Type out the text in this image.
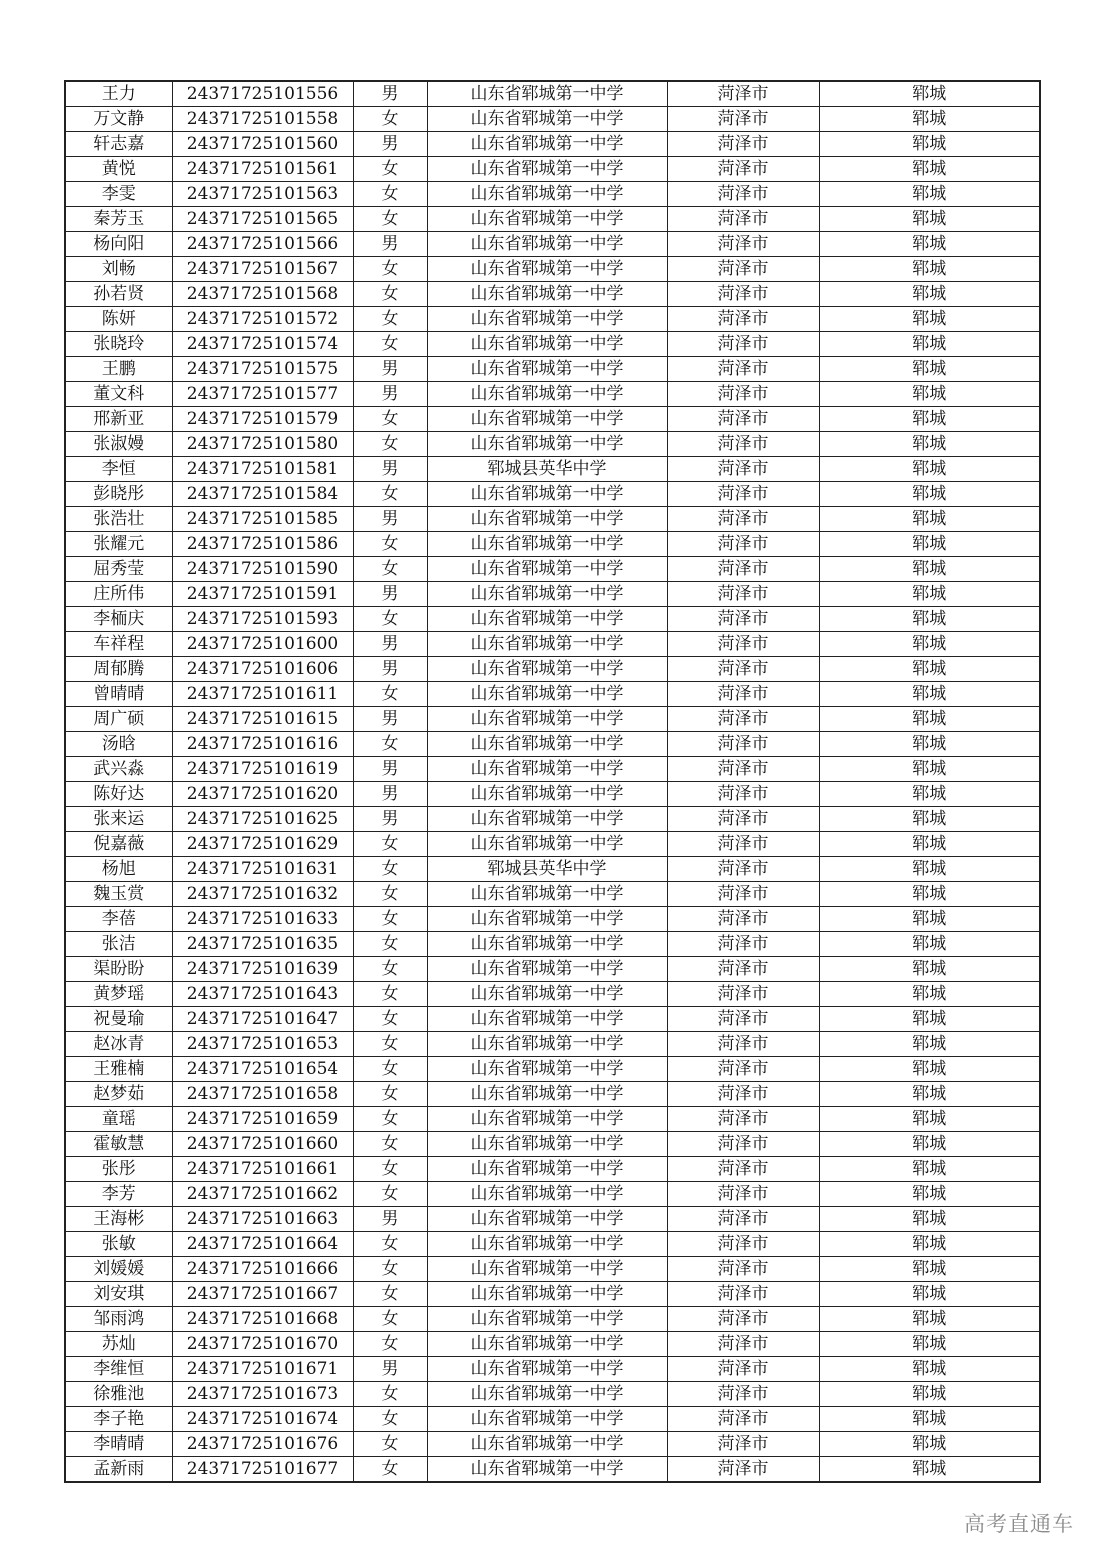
王力	24371725101556	男	山东省郓城第一中学	菏泽市	郓城
万文静	24371725101558	女	山东省郓城第一中学	菏泽市	郓城
轩志嘉	24371725101560	男	山东省郓城第一中学	菏泽市	郓城
黄悦	24371725101561	女	山东省郓城第一中学	菏泽市	郓城
李雯	24371725101563	女	山东省郓城第一中学	菏泽市	郓城
秦芳玉	24371725101565	女	山东省郓城第一中学	菏泽市	郓城
杨向阳	24371725101566	男	山东省郓城第一中学	菏泽市	郓城
刘畅	24371725101567	女	山东省郓城第一中学	菏泽市	郓城
孙若贤	24371725101568	女	山东省郓城第一中学	菏泽市	郓城
陈妍	24371725101572	女	山东省郓城第一中学	菏泽市	郓城
张晓玲	24371725101574	女	山东省郓城第一中学	菏泽市	郓城
王鹏	24371725101575	男	山东省郓城第一中学	菏泽市	郓城
董文科	24371725101577	男	山东省郓城第一中学	菏泽市	郓城
邢新亚	24371725101579	女	山东省郓城第一中学	菏泽市	郓城
张淑嫚	24371725101580	女	山东省郓城第一中学	菏泽市	郓城
李恒	24371725101581	男	郓城县英华中学	菏泽市	郓城
彭晓彤	24371725101584	女	山东省郓城第一中学	菏泽市	郓城
张浩壮	24371725101585	男	山东省郓城第一中学	菏泽市	郓城
张耀元	24371725101586	女	山东省郓城第一中学	菏泽市	郓城
屈秀莹	24371725101590	女	山东省郓城第一中学	菏泽市	郓城
庄所伟	24371725101591	男	山东省郓城第一中学	菏泽市	郓城
李栭庆	24371725101593	女	山东省郓城第一中学	菏泽市	郓城
车祥程	24371725101600	男	山东省郓城第一中学	菏泽市	郓城
周郁腾	24371725101606	男	山东省郓城第一中学	菏泽市	郓城
曾晴晴	24371725101611	女	山东省郓城第一中学	菏泽市	郓城
周广硕	24371725101615	男	山东省郓城第一中学	菏泽市	郓城
汤晗	24371725101616	女	山东省郓城第一中学	菏泽市	郓城
武兴淼	24371725101619	男	山东省郓城第一中学	菏泽市	郓城
陈好达	24371725101620	男	山东省郓城第一中学	菏泽市	郓城
张来运	24371725101625	男	山东省郓城第一中学	菏泽市	郓城
倪嘉薇	24371725101629	女	山东省郓城第一中学	菏泽市	郓城
杨旭	24371725101631	女	郓城县英华中学	菏泽市	郓城
魏玉赏	24371725101632	女	山东省郓城第一中学	菏泽市	郓城
李蓓	24371725101633	女	山东省郓城第一中学	菏泽市	郓城
张洁	24371725101635	女	山东省郓城第一中学	菏泽市	郓城
渠盼盼	24371725101639	女	山东省郓城第一中学	菏泽市	郓城
黄梦瑶	24371725101643	女	山东省郓城第一中学	菏泽市	郓城
祝曼瑜	24371725101647	女	山东省郓城第一中学	菏泽市	郓城
赵冰青	24371725101653	女	山东省郓城第一中学	菏泽市	郓城
王雅楠	24371725101654	女	山东省郓城第一中学	菏泽市	郓城
赵梦茹	24371725101658	女	山东省郓城第一中学	菏泽市	郓城
童瑶	24371725101659	女	山东省郓城第一中学	菏泽市	郓城
霍敏慧	24371725101660	女	山东省郓城第一中学	菏泽市	郓城
张彤	24371725101661	女	山东省郓城第一中学	菏泽市	郓城
李芳	24371725101662	女	山东省郓城第一中学	菏泽市	郓城
王海彬	24371725101663	男	山东省郓城第一中学	菏泽市	郓城
张敏	24371725101664	女	山东省郓城第一中学	菏泽市	郓城
刘媛媛	24371725101666	女	山东省郓城第一中学	菏泽市	郓城
刘安琪	24371725101667	女	山东省郓城第一中学	菏泽市	郓城
邹雨鸿	24371725101668	女	山东省郓城第一中学	菏泽市	郓城
苏灿	24371725101670	女	山东省郓城第一中学	菏泽市	郓城
李维恒	24371725101671	男	山东省郓城第一中学	菏泽市	郓城
徐雅池	24371725101673	女	山东省郓城第一中学	菏泽市	郓城
李子艳	24371725101674	女	山东省郓城第一中学	菏泽市	郓城
李晴晴	24371725101676	女	山东省郓城第一中学	菏泽市	郓城
孟新雨	24371725101677	女	山东省郓城第一中学	菏泽市	郓城
高考直通车
